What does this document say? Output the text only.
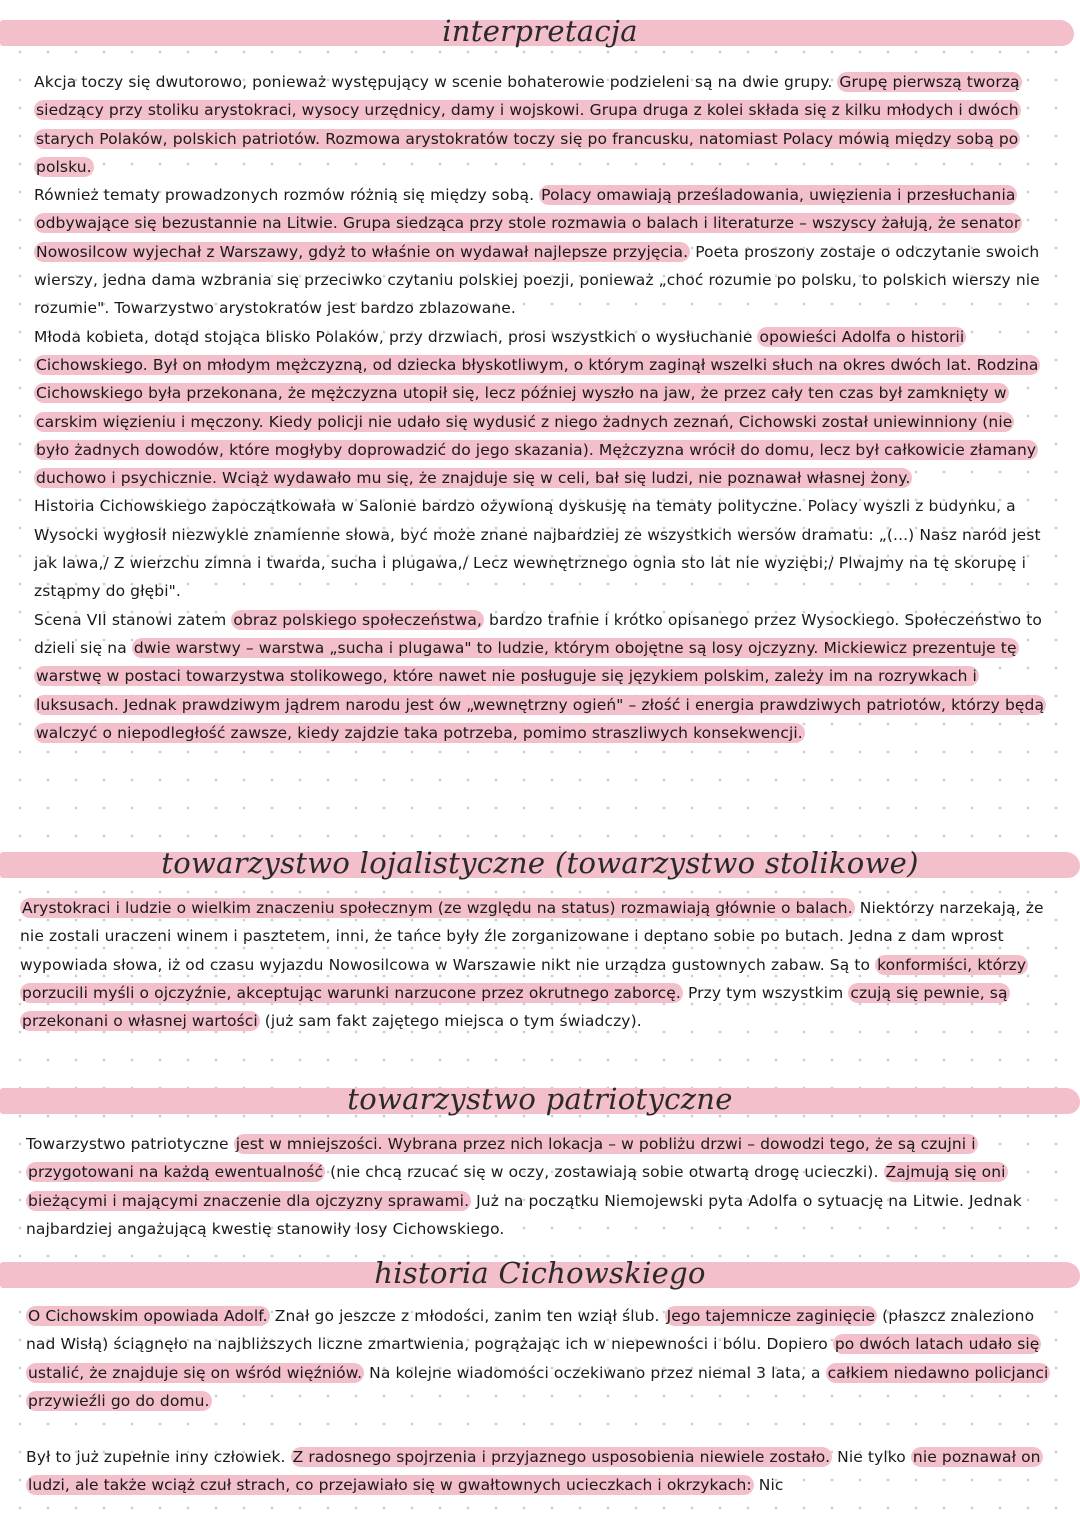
interpretacja

Akcja toczy się dwutorowo, ponieważ występujący w scenie bohaterowie podzieleni są na dwie grupy. Grupę pierwszą tworzą siedzący przy stoliku arystokraci, wysocy urzędnicy, damy i wojskowi. Grupa druga z kolei składa się z kilku młodych i dwóch starych Polaków, polskich patriotów. Rozmowa arystokratów toczy się po francusku, natomiast Polacy mówią między sobą po polsku.

Również tematy prowadzonych rozmów różnią się między sobą. Polacy omawiają prześladowania, uwięzienia i przesłuchania odbywające się bezustannie na Litwie. Grupa siedząca przy stole rozmawia o balach i literaturze – wszyscy żałują, że senator Nowosilcow wyjechał z Warszawy, gdyż to właśnie on wydawał najlepsze przyjęcia. Poeta proszony zostaje o odczytanie swoich wierszy, jedna dama wzbrania się przeciwko czytaniu polskiej poezji, ponieważ „choć rozumie po polsku, to polskich wierszy nie rozumie". Towarzystwo arystokratów jest bardzo zblazowane.

Młoda kobieta, dotąd stojąca blisko Polaków, przy drzwiach, prosi wszystkich o wysłuchanie opowieści Adolfa o historii Cichowskiego. Był on młodym mężczyzną, od dziecka błyskotliwym, o którym zaginął wszelki słuch na okres dwóch lat. Rodzina Cichowskiego była przekonana, że mężczyzna utopił się, lecz później wyszło na jaw, że przez cały ten czas był zamknięty w carskim więzieniu i męczony. Kiedy policji nie udało się wydusić z niego żadnych zeznań, Cichowski został uniewinniony (nie było żadnych dowodów, które mogłyby doprowadzić do jego skazania). Mężczyzna wrócił do domu, lecz był całkowicie złamany duchowo i psychicznie. Wciąż wydawało mu się, że znajduje się w celi, bał się ludzi, nie poznawał własnej żony.

Historia Cichowskiego zapoczątkowała w Salonie bardzo ożywioną dyskusję na tematy polityczne. Polacy wyszli z budynku, a Wysocki wygłosił niezwykle znamienne słowa, być może znane najbardziej ze wszystkich wersów dramatu: „(...) Nasz naród jest jak lawa,/ Z wierzchu zimna i twarda, sucha i plugawa,/ Lecz wewnętrznego ognia sto lat nie wyziębi;/ Plwajmy na tę skorupę i zstąpmy do głębi".

Scena VII stanowi zatem obraz polskiego społeczeństwa, bardzo trafnie i krótko opisanego przez Wysockiego. Społeczeństwo to dzieli się na dwie warstwy – warstwa „sucha i plugawa" to ludzie, którym obojętne są losy ojczyzny. Mickiewicz prezentuje tę warstwę w postaci towarzystwa stolikowego, które nawet nie posługuje się językiem polskim, zależy im na rozrywkach i luksusach. Jednak prawdziwym jądrem narodu jest ów „wewnętrzny ogień" – złość i energia prawdziwych patriotów, którzy będą walczyć o niepodległość zawsze, kiedy zajdzie taka potrzeba, pomimo straszliwych konsekwencji.

towarzystwo lojalistyczne (towarzystwo stolikowe)

Arystokraci i ludzie o wielkim znaczeniu społecznym (ze względu na status) rozmawiają głównie o balach. Niektórzy narzekają, że nie zostali uraczeni winem i pasztetem, inni, że tańce były źle zorganizowane i deptano sobie po butach. Jedna z dam wprost wypowiada słowa, iż od czasu wyjazdu Nowosilcowa w Warszawie nikt nie urządza gustownych zabaw. Są to konformiści, którzy porzucili myśli o ojczyźnie, akceptując warunki narzucone przez okrutnego zaborcę. Przy tym wszystkim czują się pewnie, są przekonani o własnej wartości (już sam fakt zajętego miejsca o tym świadczy).

towarzystwo patriotyczne

Towarzystwo patriotyczne jest w mniejszości. Wybrana przez nich lokacja – w pobliżu drzwi – dowodzi tego, że są czujni i przygotowani na każdą ewentualność (nie chcą rzucać się w oczy, zostawiają sobie otwartą drogę ucieczki). Zajmują się oni bieżącymi i mającymi znaczenie dla ojczyzny sprawami. Już na początku Niemojewski pyta Adolfa o sytuację na Litwie. Jednak najbardziej angażującą kwestię stanowiły losy Cichowskiego.

historia Cichowskiego

O Cichowskim opowiada Adolf. Znał go jeszcze z młodości, zanim ten wziął ślub. Jego tajemnicze zaginięcie (płaszcz znaleziono nad Wisłą) ściągnęło na najbliższych liczne zmartwienia, pogrążając ich w niepewności i bólu. Dopiero po dwóch latach udało się ustalić, że znajduje się on wśród więźniów. Na kolejne wiadomości oczekiwano przez niemal 3 lata, a całkiem niedawno policjanci przywieźli go do domu.

Był to już zupełnie inny człowiek. Z radosnego spojrzenia i przyjaznego usposobienia niewiele zostało. Nie tylko nie poznawał on ludzi, ale także wciąż czuł strach, co przejawiało się w gwałtownych ucieczkach i okrzykach: Nic
